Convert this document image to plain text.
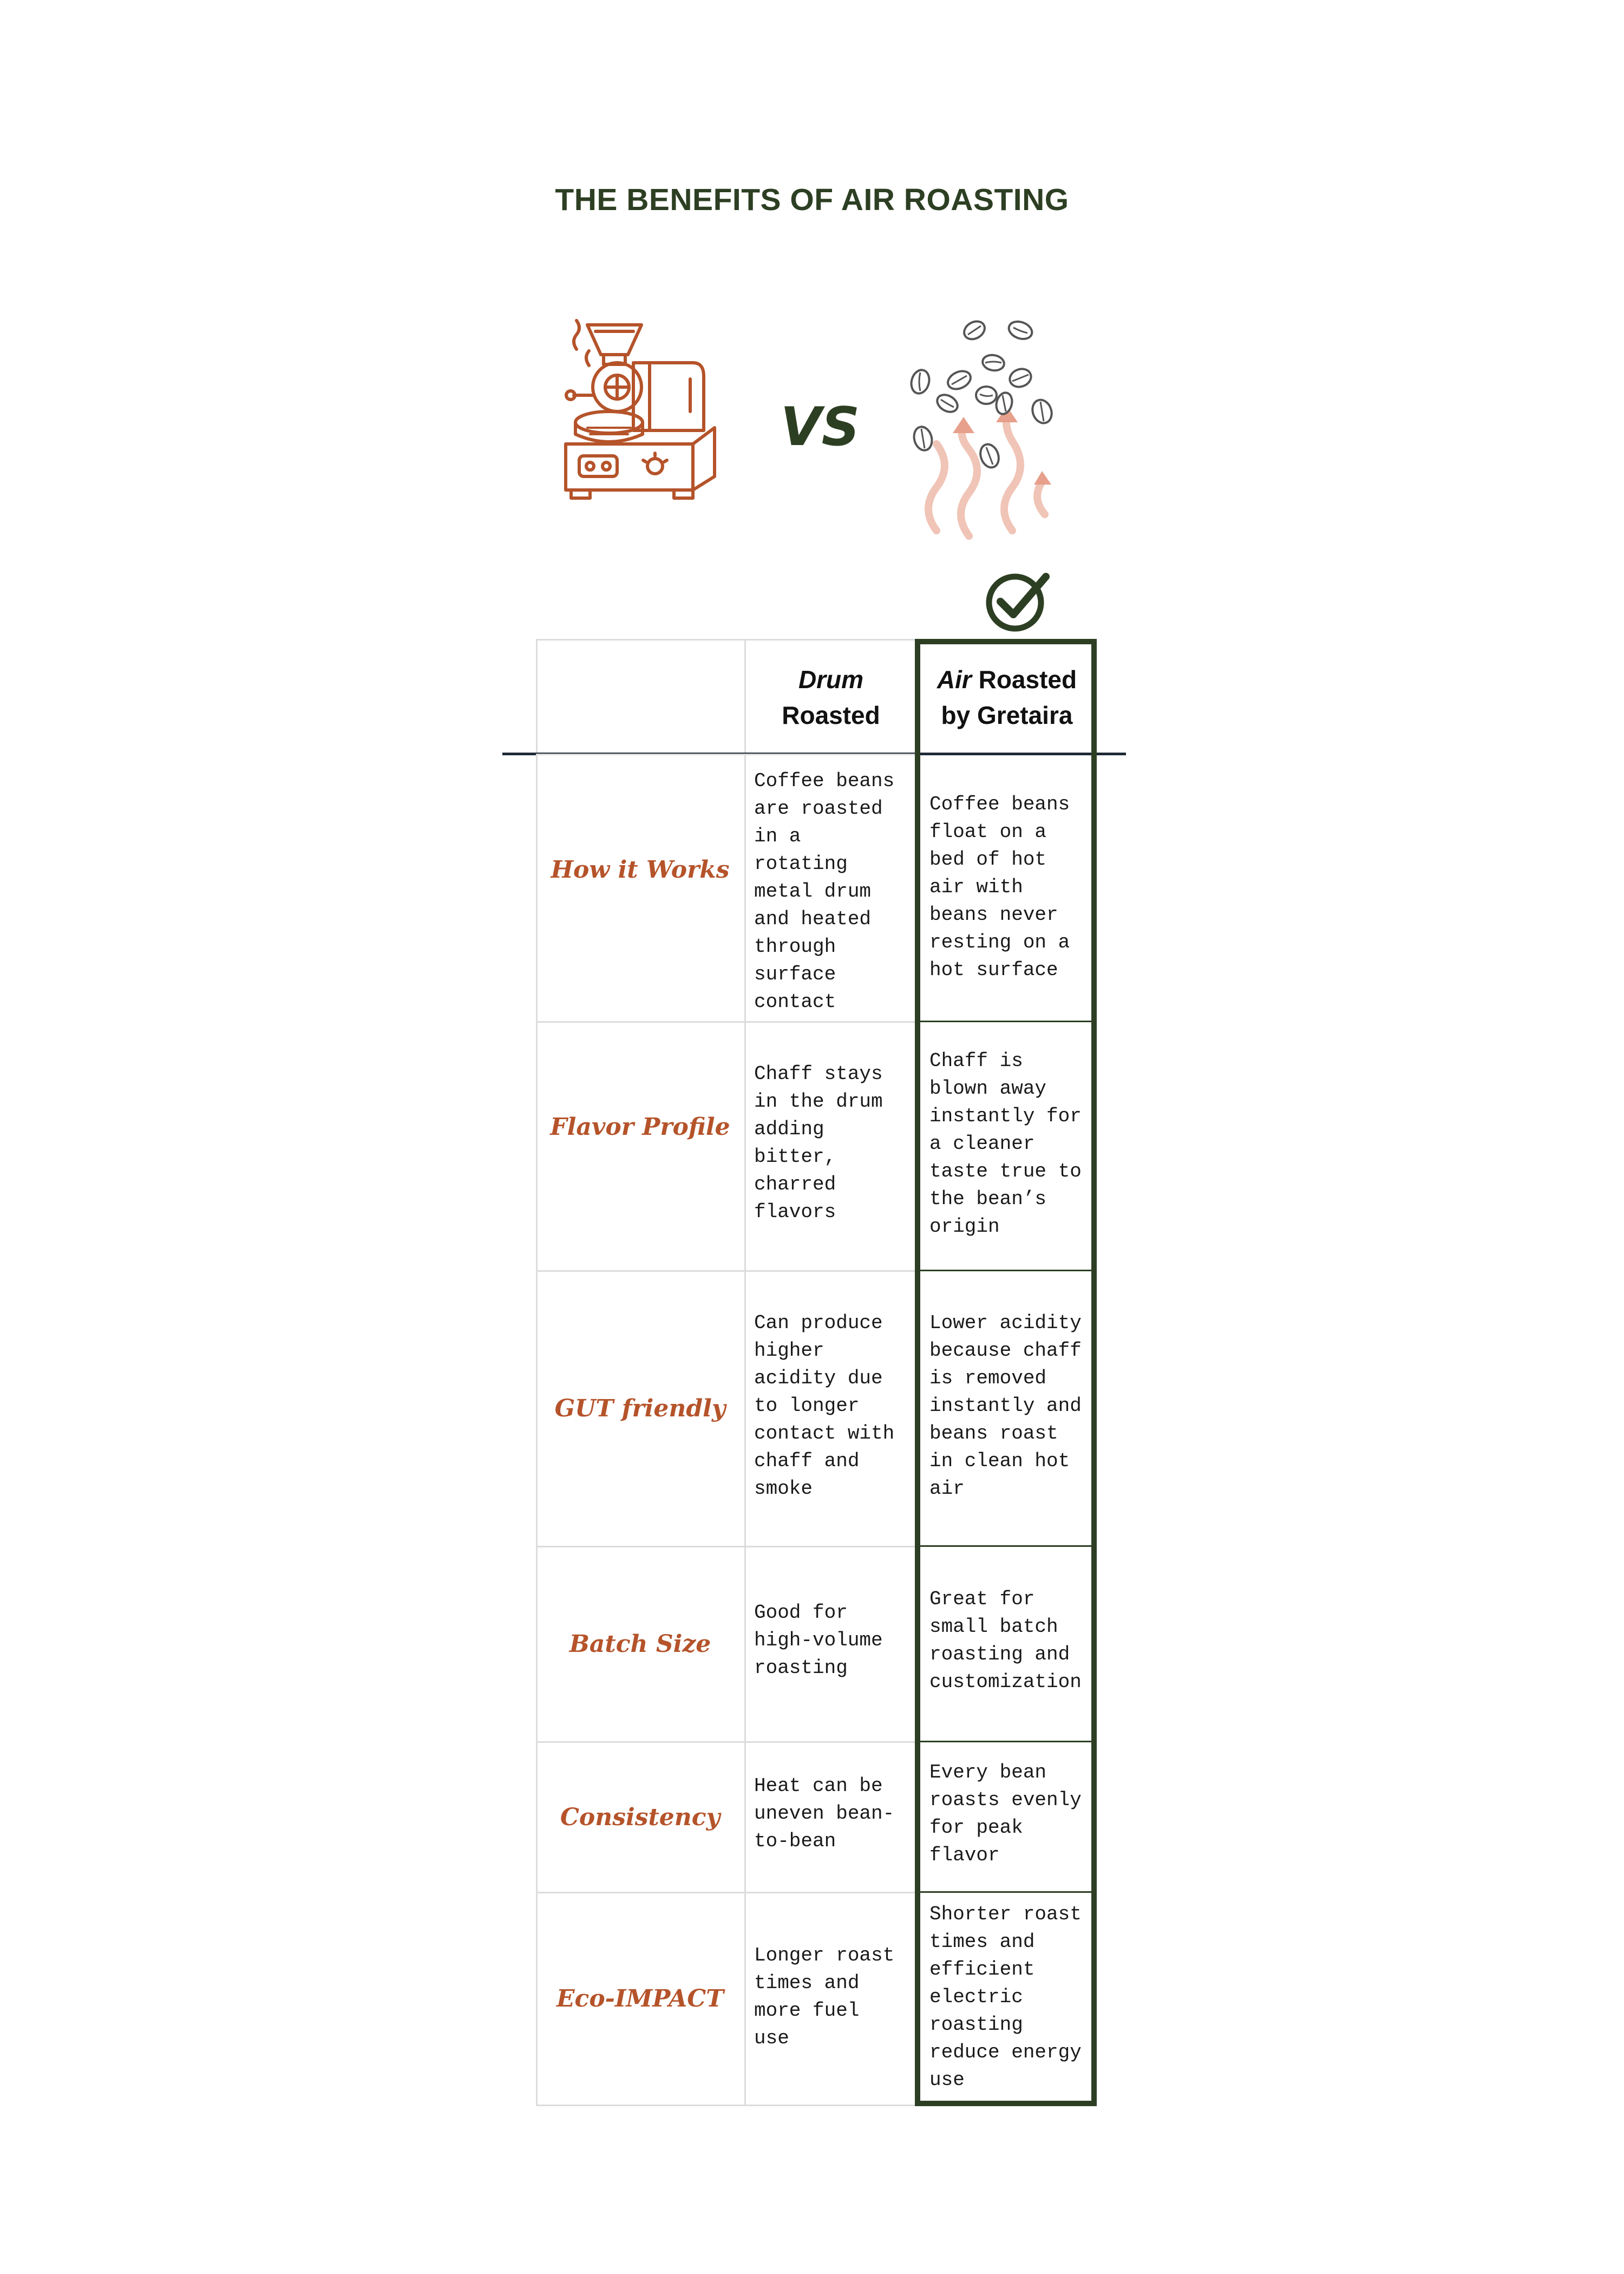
THE BENEFITS OF AIR ROASTING
VS
Drum
Roasted
Air Roasted
by Gretaira
How it Works

Coffee beans
are roasted
in a
rotating
metal drum
and heated
through
surface
contact

Coffee beans
float on a
bed of hot
air with
beans never
resting on a
hot surface

Flavor Profile

Chaff stays
in the drum
adding
bitter,
charred
flavors

Chaff is
blown away
instantly for
a cleaner
taste true to
the bean’s
origin

GUT friendly

Can produce
higher
acidity due
to longer
contact with
chaff and
smoke

Lower acidity
because chaff
is removed
instantly and
beans roast
in clean hot
air

Batch Size

Good for
high-volume
roasting

Great for
small batch
roasting and
customization

Consistency

Heat can be
uneven bean-
to-bean

Every bean
roasts evenly
for peak
flavor

Eco-IMPACT

Longer roast
times and
more fuel
use

Shorter roast
times and
efficient
electric
roasting
reduce energy
use
